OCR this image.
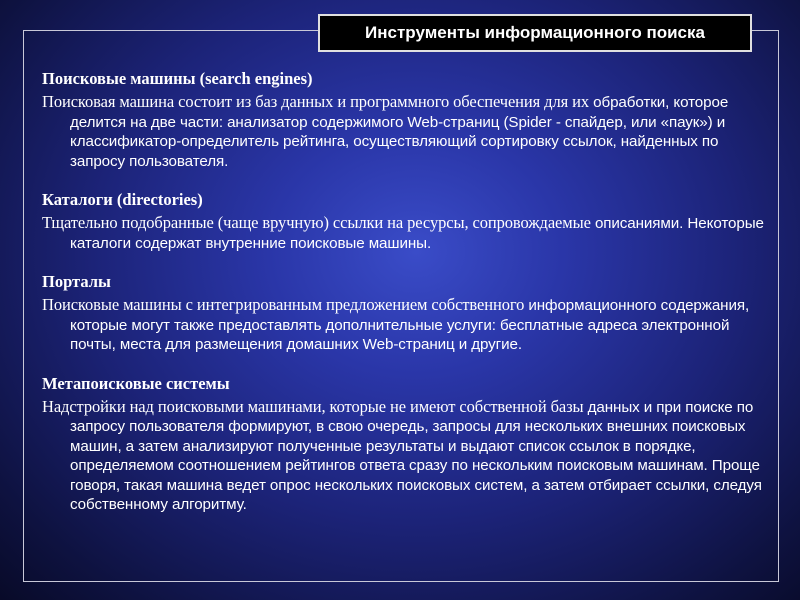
Инструменты информационного поиска
Поисковые машины (search engines)
Поисковая машина состоит из баз данных и программного обеспечения для их обработки, которое делится на две части: анализатор содержимого Web-страниц (Spider - спайдер, или «паук») и классификатор-определитель рейтинга, осуществляющий сортировку ссылок, найденных по запросу пользователя.
Каталоги (directories)
Тщательно подобранные (чаще вручную) ссылки на ресурсы, сопровождаемые описаниями. Некоторые каталоги содержат внутренние поисковые машины.
Порталы
Поисковые машины с интегрированным предложением собственного информационного содержания, которые могут также предоставлять дополнительные услуги: бесплатные адреса электронной почты, места для размещения домашних Web-страниц и другие.
Метапоисковые системы
Надстройки над поисковыми машинами, которые не имеют собственной базы данных и при поиске по запросу пользователя формируют, в свою очередь, запросы для нескольких внешних поисковых машин, а затем анализируют полученные результаты и выдают список ссылок в порядке, определяемом соотношением рейтингов ответа сразу по нескольким поисковым машинам. Проще говоря, такая машина ведет опрос нескольких поисковых систем, а затем отбирает ссылки, следуя собственному алгоритму.
